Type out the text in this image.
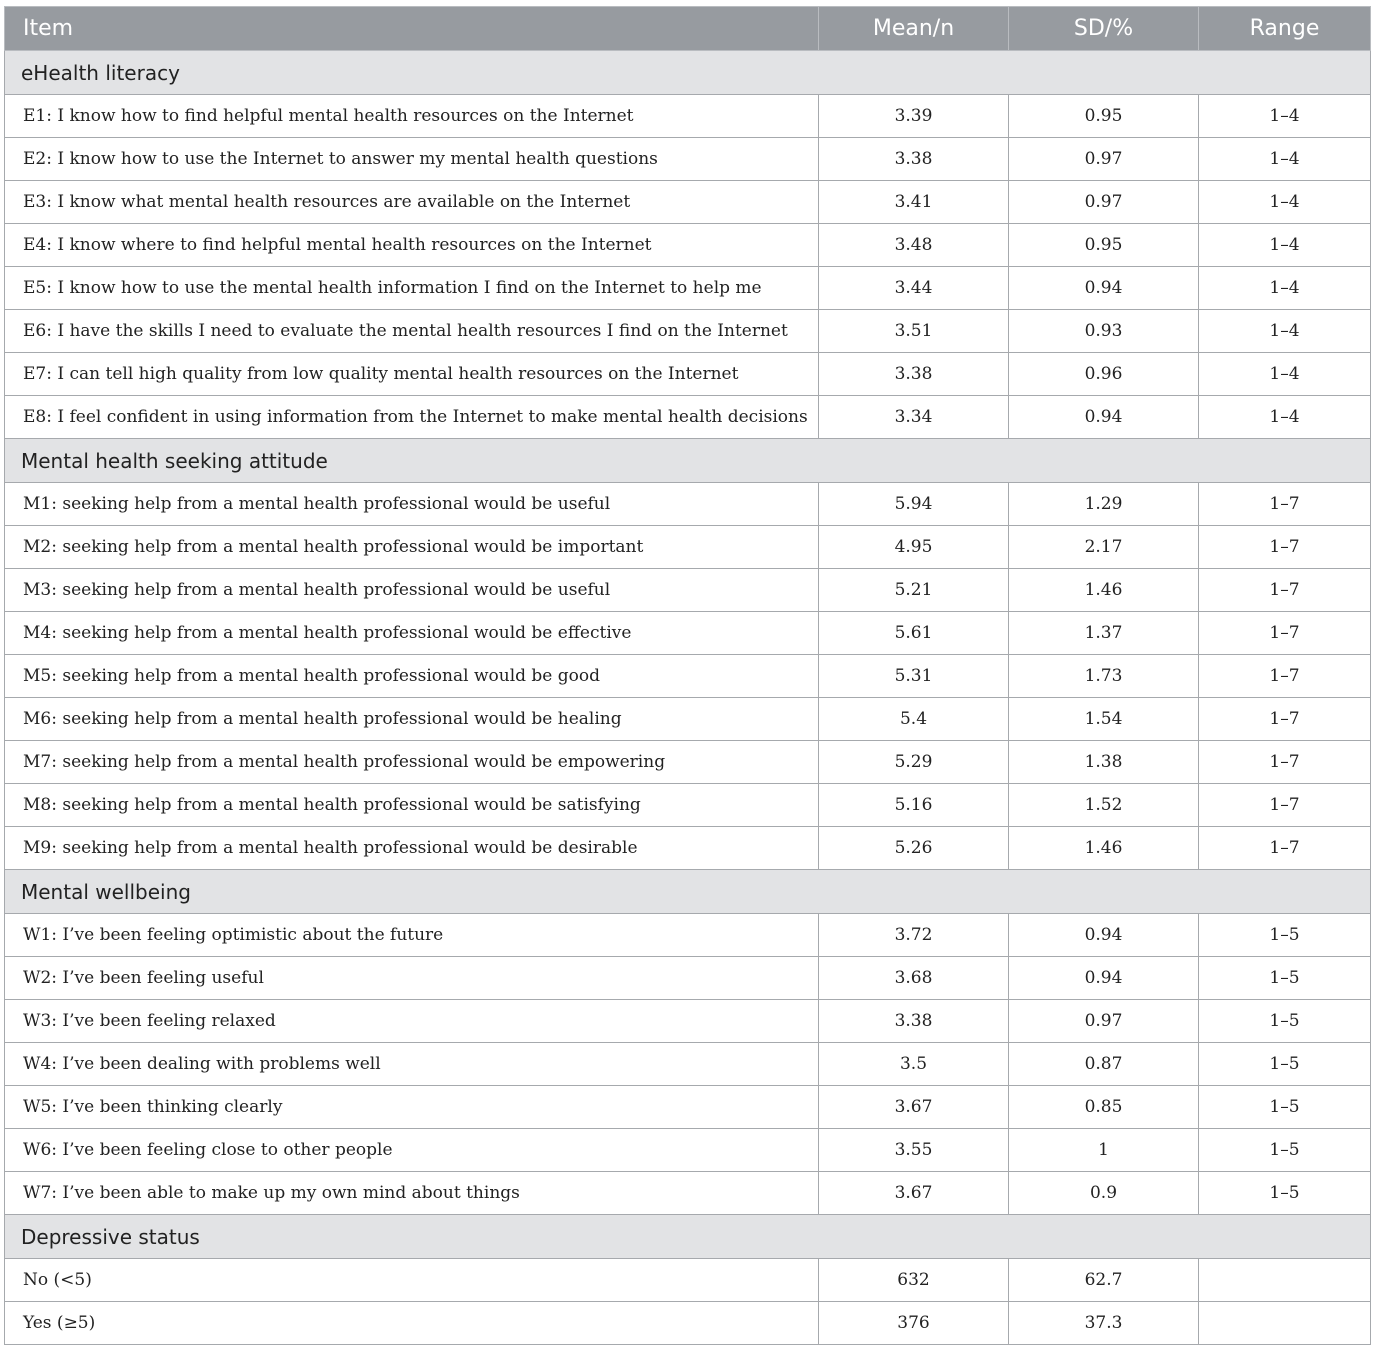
Item	Mean/n	SD/%	Range
eHealth literacy			
E1: I know how to find helpful mental health resources on the Internet	3.39	0.95	1–4
E2: I know how to use the Internet to answer my mental health questions	3.38	0.97	1–4
E3: I know what mental health resources are available on the Internet	3.41	0.97	1–4
E4: I know where to find helpful mental health resources on the Internet	3.48	0.95	1–4
E5: I know how to use the mental health information I find on the Internet to help me	3.44	0.94	1–4
E6: I have the skills I need to evaluate the mental health resources I find on the Internet	3.51	0.93	1–4
E7: I can tell high quality from low quality mental health resources on the Internet	3.38	0.96	1–4
E8: I feel confident in using information from the Internet to make mental health decisions	3.34	0.94	1–4
Mental health seeking attitude			
M1: seeking help from a mental health professional would be useful	5.94	1.29	1–7
M2: seeking help from a mental health professional would be important	4.95	2.17	1–7
M3: seeking help from a mental health professional would be useful	5.21	1.46	1–7
M4: seeking help from a mental health professional would be effective	5.61	1.37	1–7
M5: seeking help from a mental health professional would be good	5.31	1.73	1–7
M6: seeking help from a mental health professional would be healing	5.4	1.54	1–7
M7: seeking help from a mental health professional would be empowering	5.29	1.38	1–7
M8: seeking help from a mental health professional would be satisfying	5.16	1.52	1–7
M9: seeking help from a mental health professional would be desirable	5.26	1.46	1–7
Mental wellbeing			
W1: I’ve been feeling optimistic about the future	3.72	0.94	1–5
W2: I’ve been feeling useful	3.68	0.94	1–5
W3: I’ve been feeling relaxed	3.38	0.97	1–5
W4: I’ve been dealing with problems well	3.5	0.87	1–5
W5: I’ve been thinking clearly	3.67	0.85	1–5
W6: I’ve been feeling close to other people	3.55	1	1–5
W7: I’ve been able to make up my own mind about things	3.67	0.9	1–5
Depressive status			
No (<5)	632	62.7	
Yes (≥5)	376	37.3	
